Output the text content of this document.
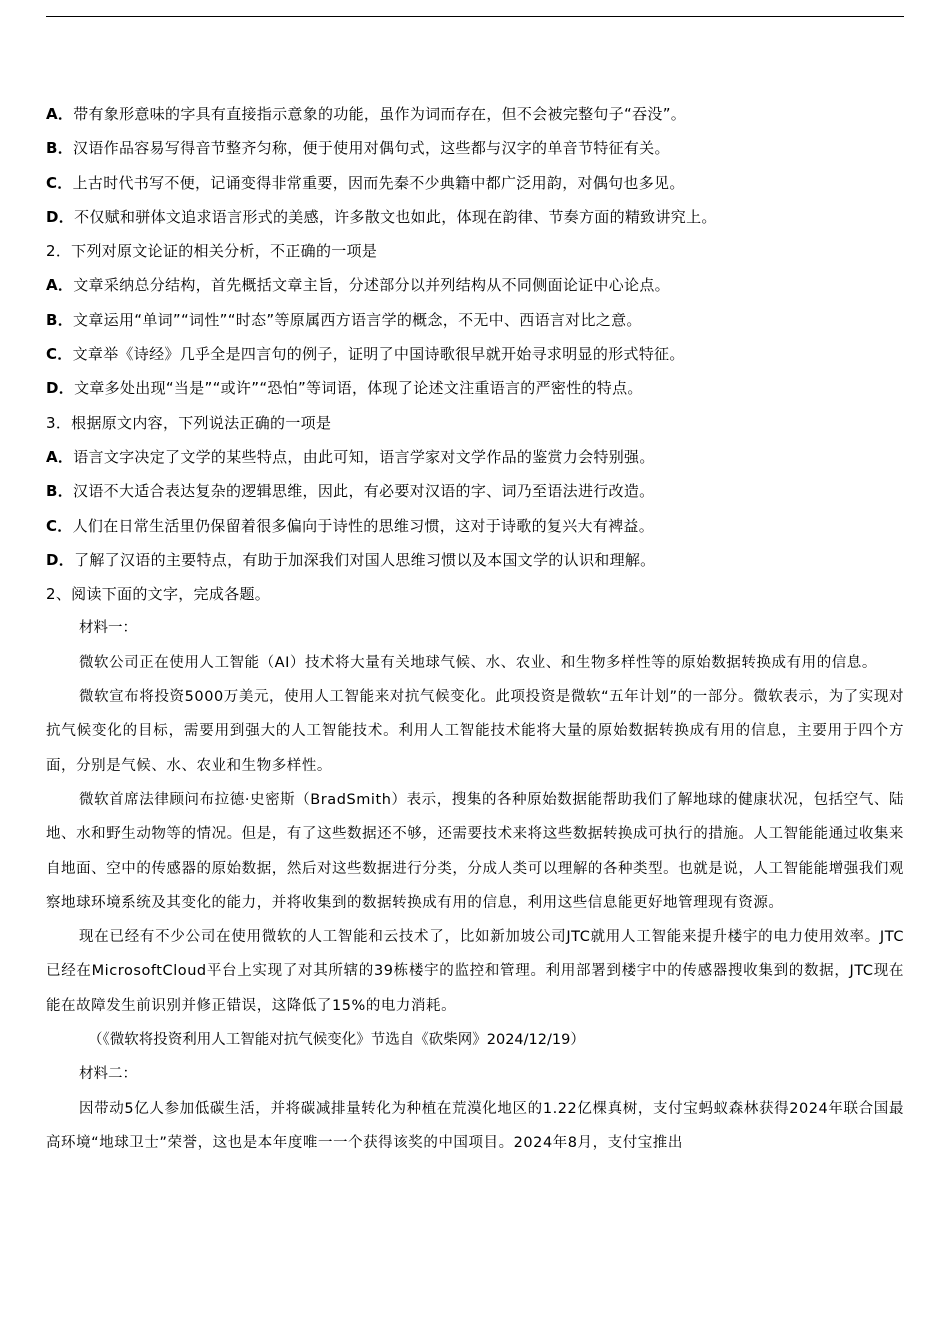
A．带有象形意味的字具有直接指示意象的功能，虽作为词而存在，但不会被完整句子“吞没”。
B．汉语作品容易写得音节整齐匀称，便于使用对偶句式，这些都与汉字的单音节特征有关。
C．上古时代书写不便，记诵变得非常重要，因而先秦不少典籍中都广泛用韵，对偶句也多见。
D．不仅赋和骈体文追求语言形式的美感，许多散文也如此，体现在韵律、节奏方面的精致讲究上。
2．下列对原文论证的相关分析，不正确的一项是
A．文章采纳总分结构，首先概括文章主旨，分述部分以并列结构从不同侧面论证中心论点。
B．文章运用“单词”“词性”“时态”等原属西方语言学的概念，不无中、西语言对比之意。
C．文章举《诗经》几乎全是四言句的例子，证明了中国诗歌很早就开始寻求明显的形式特征。
D．文章多处出现“当是”“或许”“恐怕”等词语，体现了论述文注重语言的严密性的特点。
3．根据原文内容，下列说法正确的一项是
A．语言文字决定了文学的某些特点，由此可知，语言学家对文学作品的鉴赏力会特别强。
B．汉语不大适合表达复杂的逻辑思维，因此，有必要对汉语的字、词乃至语法进行改造。
C．人们在日常生活里仍保留着很多偏向于诗性的思维习惯，这对于诗歌的复兴大有裨益。
D．了解了汉语的主要特点，有助于加深我们对国人思维习惯以及本国文学的认识和理解。
2、阅读下面的文字，完成各题。
材料一：

微软公司正在使用人工智能（AI）技术将大量有关地球气候、水、农业、和生物多样性等的原始数据转换成有用的信息。

微软宣布将投资5000万美元，使用人工智能来对抗气候变化。此项投资是微软“五年计划”的一部分。微软表示，为了实现对抗气候变化的目标，需要用到强大的人工智能技术。利用人工智能技术能将大量的原始数据转换成有用的信息，主要用于四个方面，分别是气候、水、农业和生物多样性。

微软首席法律顾问布拉德·史密斯（BradSmith）表示，搜集的各种原始数据能帮助我们了解地球的健康状况，包括空气、陆地、水和野生动物等的情况。但是，有了这些数据还不够，还需要技术来将这些数据转换成可执行的措施。人工智能能通过收集来自地面、空中的传感器的原始数据，然后对这些数据进行分类，分成人类可以理解的各种类型。也就是说，人工智能能增强我们观察地球环境系统及其变化的能力，并将收集到的数据转换成有用的信息，利用这些信息能更好地管理现有资源。

现在已经有不少公司在使用微软的人工智能和云技术了，比如新加坡公司JTC就用人工智能来提升楼宇的电力使用效率。JTC已经在MicrosoftCloud平台上实现了对其所辖的39栋楼宇的监控和管理。利用部署到楼宇中的传感器搜收集到的数据，JTC现在能在故障发生前识别并修正错误，这降低了15%的电力消耗。

（《微软将投资利用人工智能对抗气候变化》节选自《砍柴网》2024/12/19）
材料二：

因带动5亿人参加低碳生活，并将碳减排量转化为种植在荒漠化地区的1.22亿棵真树，支付宝蚂蚁森林获得2024年联合国最高环境“地球卫士”荣誉，这也是本年度唯一一个获得该奖的中国项目。2024年8月，支付宝推出
